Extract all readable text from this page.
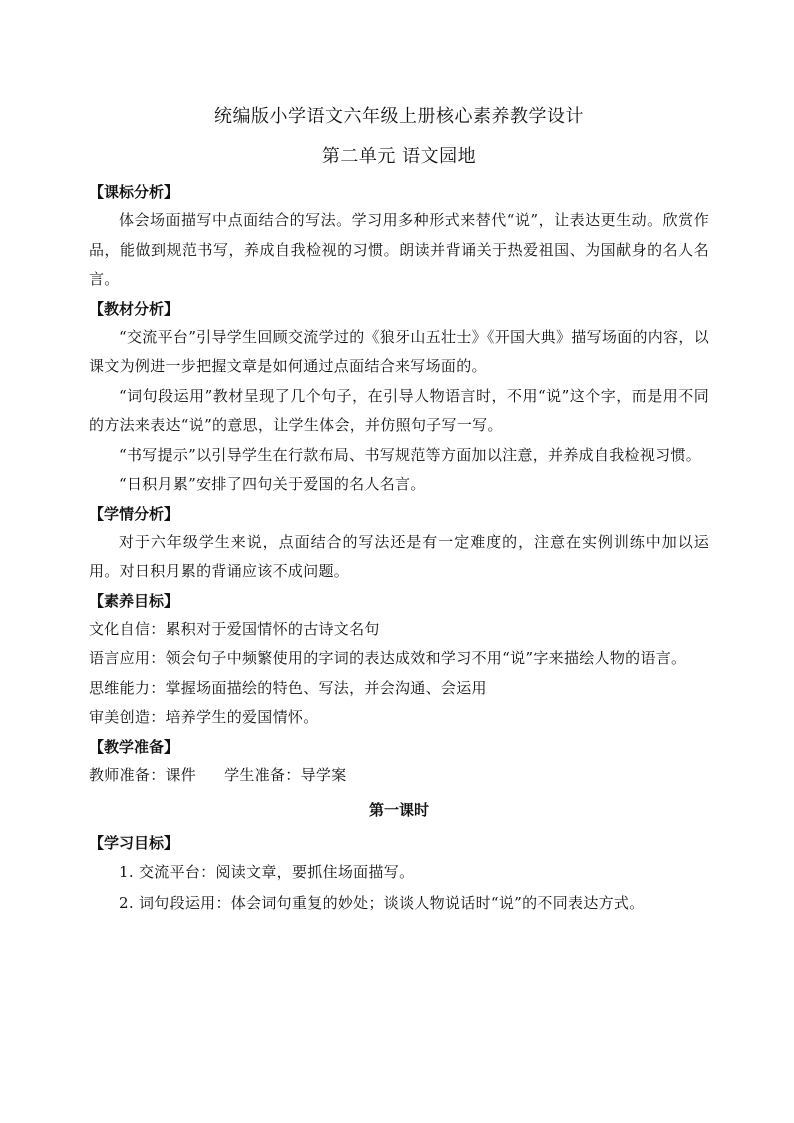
统编版小学语文六年级上册核心素养教学设计
第二单元 语文园地

【课标分析】

体会场面描写中点面结合的写法。学习用多种形式来替代“说”，让表达更生动。欣赏作品，能做到规范书写，养成自我检视的习惯。朗读并背诵关于热爱祖国、为国献身的名人名言。

【教材分析】

“交流平台”引导学生回顾交流学过的《狼牙山五壮士》《开国大典》描写场面的内容，以课文为例进一步把握文章是如何通过点面结合来写场面的。

“词句段运用”教材呈现了几个句子，在引导人物语言时，不用“说”这个字，而是用不同的方法来表达“说”的意思，让学生体会，并仿照句子写一写。

“书写提示”以引导学生在行款布局、书写规范等方面加以注意，并养成自我检视习惯。

“日积月累”安排了四句关于爱国的名人名言。

【学情分析】

对于六年级学生来说，点面结合的写法还是有一定难度的，注意在实例训练中加以运用。对日积月累的背诵应该不成问题。

【素养目标】

文化自信：累积对于爱国情怀的古诗文名句

语言应用：领会句子中频繁使用的字词的表达成效和学习不用“说”字来描绘人物的语言。

思维能力：掌握场面描绘的特色、写法，并会沟通、会运用

审美创造：培养学生的爱国情怀。

【教学准备】

教师准备：课件 学生准备：导学案

第一课时

【学习目标】

1. 交流平台：阅读文章，要抓住场面描写。

2. 词句段运用：体会词句重复的妙处；谈谈人物说话时“说”的不同表达方式。
